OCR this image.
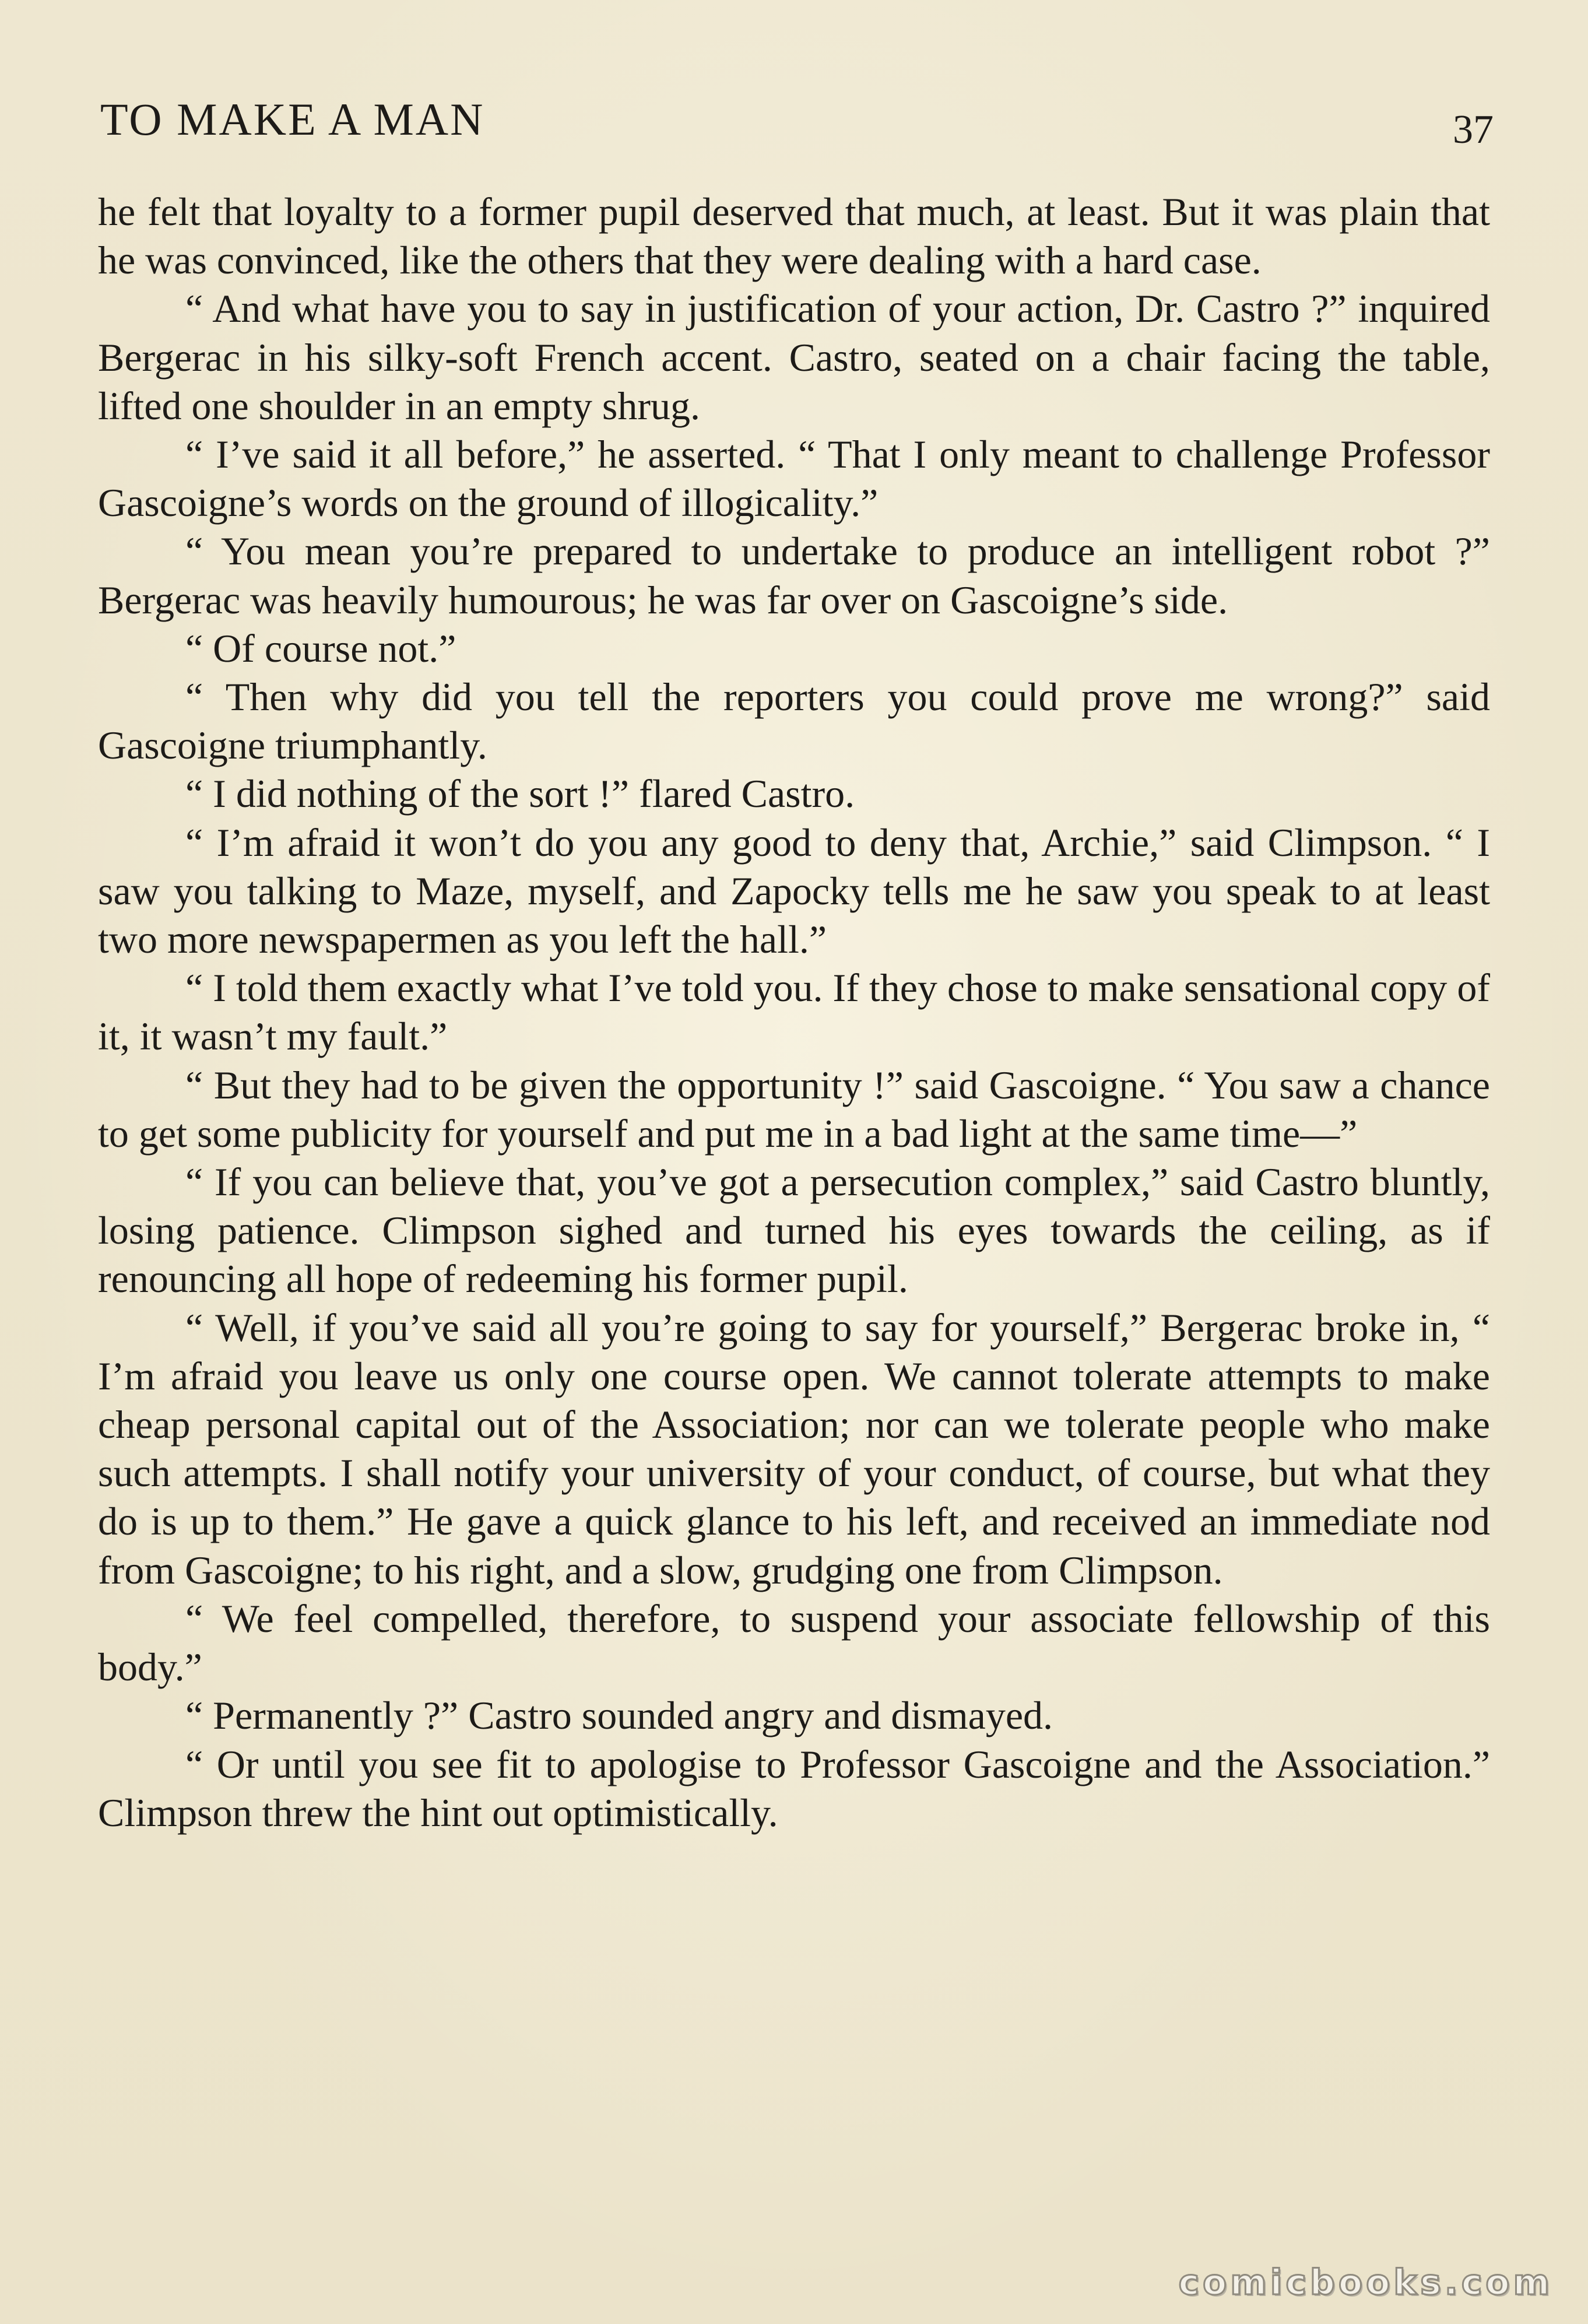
TO MAKE A MAN	37

he felt that loyalty to a former pupil deserved that much, at least. But it was plain that he was convinced, like the others that they were dealing with a hard case.

“ And what have you to say in justification of your action, Dr. Castro ?” inquired Bergerac in his silky-soft French accent. Castro, seated on a chair facing the table, lifted one shoulder in an empty shrug.

“ I’ve said it all before,” he asserted. “ That I only meant to challenge Professor Gascoigne’s words on the ground of illogicality.”

“ You mean you’re prepared to undertake to produce an intelligent robot ?” Bergerac was heavily humourous; he was far over on Gascoigne’s side.

“ Of course not.”

“ Then why did you tell the reporters you could prove me wrong?” said Gascoigne triumphantly.

“ I did nothing of the sort !” flared Castro.

“ I’m afraid it won’t do you any good to deny that, Archie,” said Climpson. “ I saw you talking to Maze, myself, and Zapocky tells me he saw you speak to at least two more newspapermen as you left the hall.”

“ I told them exactly what I’ve told you. If they chose to make sensational copy of it, it wasn’t my fault.”

“ But they had to be given the opportunity !” said Gascoigne. “ You saw a chance to get some publicity for yourself and put me in a bad light at the same time—”

“ If you can believe that, you’ve got a persecution complex,” said Castro bluntly, losing patience. Climpson sighed and turned his eyes towards the ceiling, as if renouncing all hope of redeeming his former pupil.

“ Well, if you’ve said all you’re going to say for yourself,” Bergerac broke in, “ I’m afraid you leave us only one course open. We cannot tolerate attempts to make cheap personal capital out of the Association; nor can we tolerate people who make such attempts. I shall notify your university of your conduct, of course, but what they do is up to them.” He gave a quick glance to his left, and received an immediate nod from Gascoigne; to his right, and a slow, grudging one from Climpson.

“ We feel compelled, therefore, to suspend your associate fellowship of this body.”

“ Permanently ?” Castro sounded angry and dismayed.

“ Or until you see fit to apologise to Professor Gascoigne and the Association.” Climpson threw the hint out optimistically.

comicbooks.com
